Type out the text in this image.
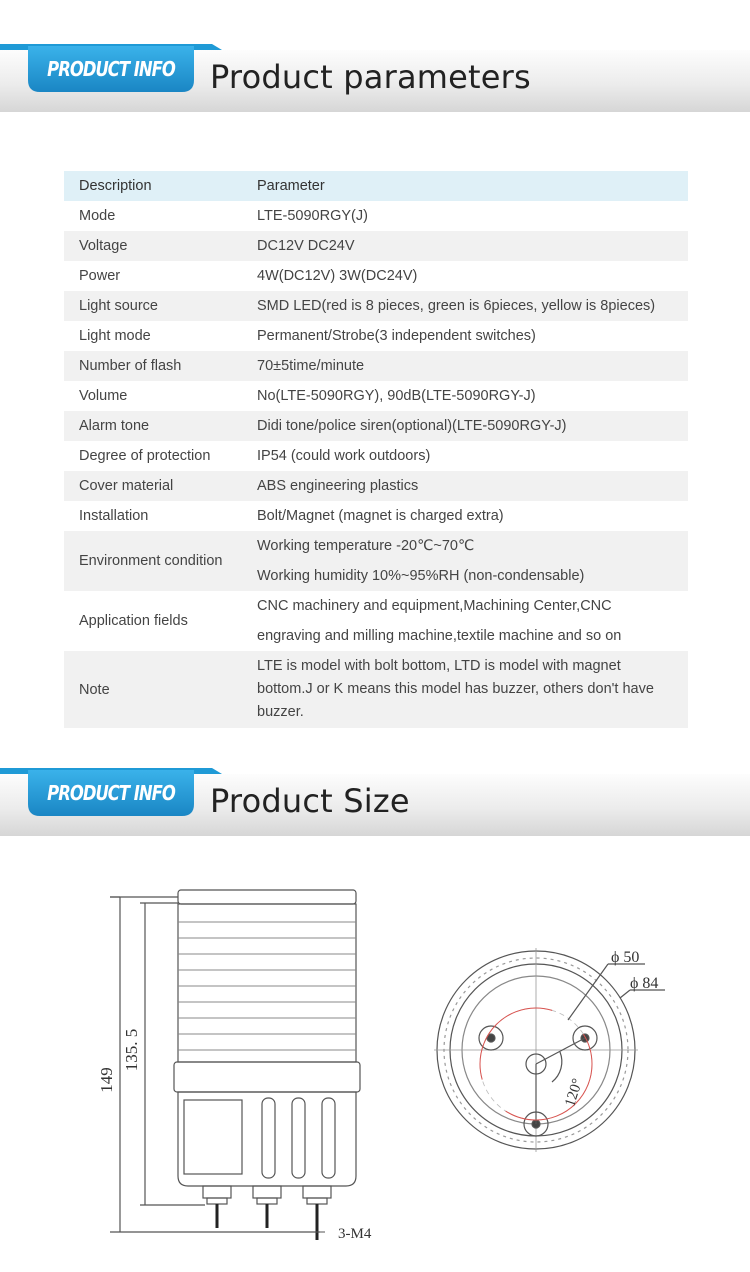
PRODUCT INFO Product parameters
Description	Parameter
Mode	LTE-5090RGY(J)

Voltage	DC12V DC24V

Power	4W(DC12V) 3W(DC24V)

Light source	SMD LED(red is 8 pieces, green is 6pieces, yellow is 8pieces)

Light mode	Permanent/Strobe(3 independent switches)

Number of flash	70±5time/minute

Volume	No(LTE-5090RGY), 90dB(LTE-5090RGY-J)

Alarm tone	Didi tone/police siren(optional)(LTE-5090RGY-J)

Degree of protection	IP54 (could work outdoors)

Cover material	ABS engineering plastics

Installation	Bolt/Magnet (magnet is charged extra)

Environment condition	Working temperature -20℃~70℃
Working humidity 10%~95%RH (non-condensable)

Application fields	CNC machinery and equipment,Machining Center,CNC
engraving and milling machine,textile machine and so on

Note	LTE is model with bolt bottom, LTD is model with magnet bottom.J or K means this model has buzzer, others don't have buzzer.
PRODUCT INFO Product Size
149
135. 5
3-M4
ϕ 50
ϕ 84
120°
